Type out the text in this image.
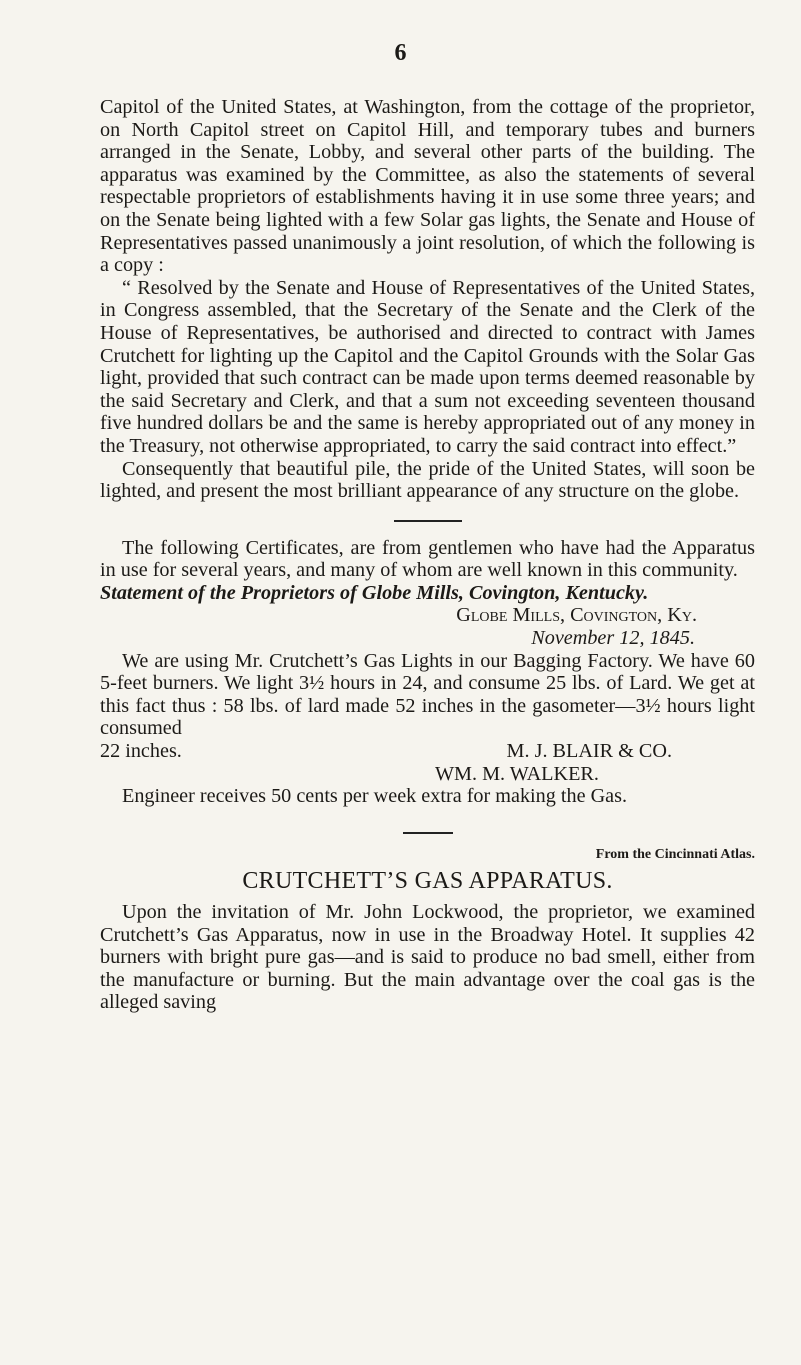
6

Capitol of the United States, at Washington, from the cottage of the proprietor, on North Capitol street on Capitol Hill, and temporary tubes and burners arranged in the Senate, Lobby, and several other parts of the building. The apparatus was examined by the Committee, as also the statements of several respectable proprietors of establishments having it in use some three years; and on the Senate being lighted with a few Solar gas lights, the Senate and House of Representatives passed unanimously a joint resolution, of which the following is a copy :

“ Resolved by the Senate and House of Representatives of the United States, in Congress assembled, that the Secretary of the Senate and the Clerk of the House of Representatives, be authorised and directed to contract with James Crutchett for lighting up the Capitol and the Capitol Grounds with the Solar Gas light, provided that such contract can be made upon terms deemed reasonable by the said Secretary and Clerk, and that a sum not exceeding seventeen thousand five hundred dollars be and the same is hereby appropriated out of any money in the Treasury, not otherwise appropriated, to carry the said contract into effect.”

Consequently that beautiful pile, the pride of the United States, will soon be lighted, and present the most brilliant appearance of any structure on the globe.

The following Certificates, are from gentlemen who have had the Apparatus in use for several years, and many of whom are well known in this community.

Statement of the Proprietors of Globe Mills, Covington, Kentucky.

Globe Mills, Covington, Ky.

November 12, 1845.

We are using Mr. Crutchett’s Gas Lights in our Bagging Factory. We have 60 5-feet burners. We light 3½ hours in 24, and consume 25 lbs. of Lard. We get at this fact thus : 58 lbs. of lard made 52 inches in the gasometer—3½ hours light consumed

22 inches.	M. J. BLAIR & CO.

WM. M. WALKER.

Engineer receives 50 cents per week extra for making the Gas.

From the Cincinnati Atlas.

CRUTCHETT’S GAS APPARATUS.

Upon the invitation of Mr. John Lockwood, the proprietor, we examined Crutchett’s Gas Apparatus, now in use in the Broadway Hotel. It supplies 42 burners with bright pure gas—and is said to produce no bad smell, either from the manufacture or burning. But the main advantage over the coal gas is the alleged saving
